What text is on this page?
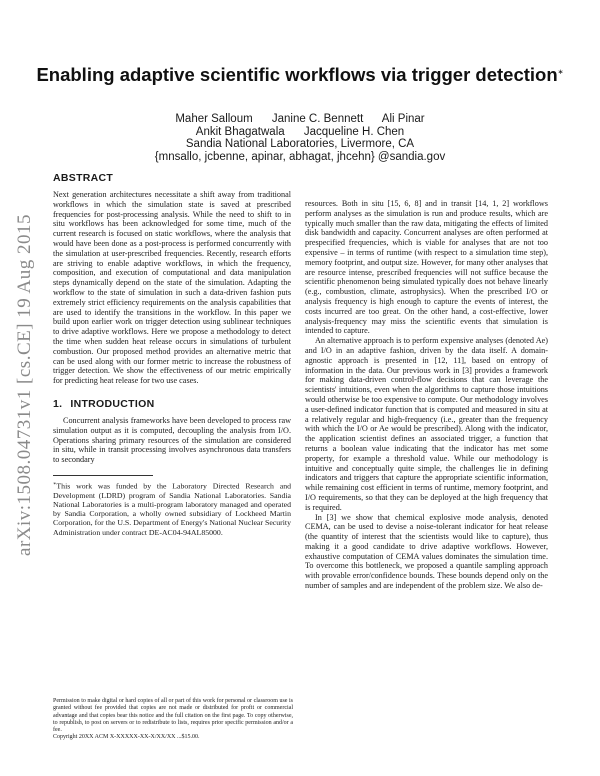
arXiv:1508.04731v1 [cs.CE] 19 Aug 2015
Enabling adaptive scientific workflows via trigger detection∗
Maher Salloum      Janine C. Bennett      Ali Pinar
Ankit Bhagatwala      Jacqueline H. Chen
Sandia National Laboratories, Livermore, CA
{mnsallo, jcbenne, apinar, abhagat, jhcehn} @sandia.gov
ABSTRACT

Next generation architectures necessitate a shift away from traditional workflows in which the simulation state is saved at prescribed frequencies for post-processing analysis. While the need to shift to in situ workflows has been acknowledged for some time, much of the current research is focused on static workflows, where the analysis that would have been done as a post-process is performed concurrently with the simulation at user-prescribed frequencies. Recently, research efforts are striving to enable adaptive workflows, in which the frequency, composition, and execution of computational and data manipulation steps dynamically depend on the state of the simulation. Adapting the workflow to the state of simulation in such a data-driven fashion puts extremely strict efficiency requirements on the analysis capabilities that are used to identify the transitions in the workflow. In this paper we build upon earlier work on trigger detection using sublinear techniques to drive adaptive workflows. Here we propose a methodology to detect the time when sudden heat release occurs in simulations of turbulent combustion. Our proposed method provides an alternative metric that can be used along with our former metric to increase the robustness of trigger detection. We show the effectiveness of our metric empirically for predicting heat release for two use cases.

1. INTRODUCTION

Concurrent analysis frameworks have been developed to process raw simulation output as it is computed, decoupling the analysis from I/O. Operations sharing primary resources of the simulation are considered in situ, while in transit processing involves asynchronous data transfers to secondary

∗This work was funded by the Laboratory Directed Research and Development (LDRD) program of Sandia National Laboratories. Sandia National Laboratories is a multi-program laboratory managed and operated by Sandia Corporation, a wholly owned subsidiary of Lockheed Martin Corporation, for the U.S. Department of Energy's National Nuclear Security Administration under contract DE-AC04-94AL85000.

Permission to make digital or hard copies of all or part of this work for personal or classroom use is granted without fee provided that copies are not made or distributed for profit or commercial advantage and that copies bear this notice and the full citation on the first page. To copy otherwise, to republish, to post on servers or to redistribute to lists, requires prior specific permission and/or a fee.
Copyright 20XX ACM X-XXXXX-XX-X/XX/XX ...$15.00.

resources. Both in situ [15, 6, 8] and in transit [14, 1, 2] workflows perform analyses as the simulation is run and produce results, which are typically much smaller than the raw data, mitigating the effects of limited disk bandwidth and capacity. Concurrent analyses are often performed at prespecified frequencies, which is viable for analyses that are not too expensive – in terms of runtime (with respect to a simulation time step), memory footprint, and output size. However, for many other analyses that are resource intense, prescribed frequencies will not suffice because the scientific phenomenon being simulated typically does not behave linearly (e.g., combustion, climate, astrophysics). When the prescribed I/O or analysis frequency is high enough to capture the events of interest, the costs incurred are too great. On the other hand, a cost-effective, lower analysis-frequency may miss the scientific events that simulation is intended to capture.

An alternative approach is to perform expensive analyses (denoted Ae) and I/O in an adaptive fashion, driven by the data itself. A domain-agnostic approach is presented in [12, 11], based on entropy of information in the data. Our previous work in [3] provides a framework for making data-driven control-flow decisions that can leverage the scientists' intuitions, even when the algorithms to capture those intuitions would otherwise be too expensive to compute. Our methodology involves a user-defined indicator function that is computed and measured in situ at a relatively regular and high-frequency (i.e., greater than the frequency with which the I/O or Ae would be prescribed). Along with the indicator, the application scientist defines an associated trigger, a function that returns a boolean value indicating that the indicator has met some property, for example a threshold value. While our methodology is intuitive and conceptually quite simple, the challenges lie in defining indicators and triggers that capture the appropriate scientific information, while remaining cost efficient in terms of runtime, memory footprint, and I/O requirements, so that they can be deployed at the high frequency that is required.

In [3] we show that chemical explosive mode analysis, denoted CEMA, can be used to devise a noise-tolerant indicator for heat release (the quantity of interest that the scientists would like to capture), thus making it a good candidate to drive adaptive workflows. However, exhaustive computation of CEMA values dominates the simulation time. To overcome this bottleneck, we proposed a quantile sampling approach with provable error/confidence bounds. These bounds depend only on the number of samples and are independent of the problem size. We also de-
